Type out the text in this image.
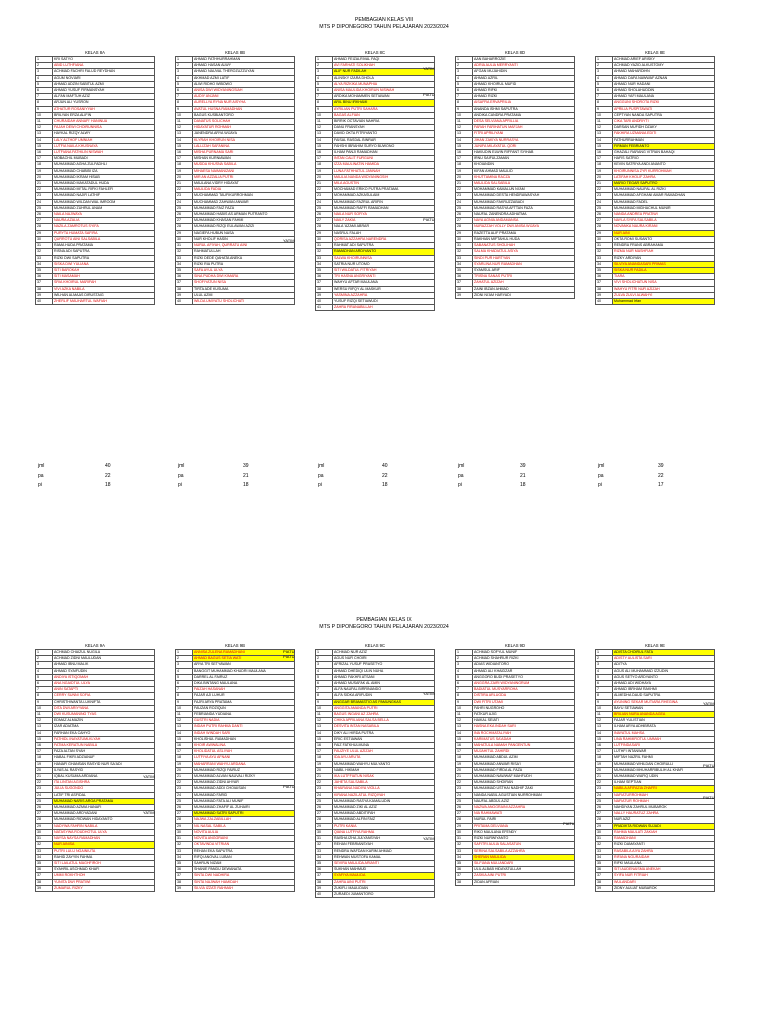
PEMBAGIAN KELAS VIII
MTS P DIPONEGORO TAHUN PELAJARAN 2023/2024
KELAS 8A
1	KRI SATYO
2	ABID LUTHFIANA
3	ACHMAD FACHRI FALUD REYDHAN
4	AGUM NOVIARI
5	AHMAD ADZIN SABITUL AZMI
6	AHMAD YUSUF FIRMANSYAH
7	ALFAN MAFTUH AZIZ
8	ARJUN ALI YUSRON
9	ATHATUR ROSANIYYAH
10	BRILYAN ERZA ALIFIN
11	CHURAIDAH ANNAFI' HANINUA
12	FAJAH DEWI CHOIRUNNISA
13	HAYKAL RIZQY ALWY
14	LALY ALTHOF UMNIAH
15	LUTFIA NAILA KHUSNAYA
16	LUTFIANA FATHILIN NISWAH
17	MOBACHIL MUBADI
18	MUHAMMAD AGHA ZULFADHLI
19	MUHAMMAD CHABIBI IZA
20	MUHAMMAD IKRAM HISAB
21	MUHAMMAD MAKATADUL HUDA
22	MUHAMMAD MI'TAL RIFKI FAHLEFI
23	MUHAMMAD NAJIR LATHIF
24	MUHAMMAD WILDAN WAL IMROOM
25	MUHAMMAD ZUHRUL ANAM
26	NAILA NAJWAYA
27	NAURA AZALIA
28	NAZILA ZAMROTUS SYIFA
29	PURYTA HUMATA SAFIRA
30	QURROTU AINI SALSABILA
31	RAMA HUDA PRATAMA
32	RISNA ADI SAPUTRA
33	RIZKI DWI SAPUTRA
34	SISKA DWI YULIANA
35	SITI BAROKAH
36	SITI MASAMAH
37	SRIA KHOIRUL MARIFAH
38	VIVI AZKA NABILA
39	WILHAN ALMAAS DIRUSTAIG
40	ZHERLIF MAUHARTUL WAFIAH
KELAS 8B
YATIM
1	AHMAD FATHHURRAHMAN
2	AHMAD HASAN ALWY
3	AHMAD NAUVAL THEROZUZZUYAN
4	AKHMAD AZMI LATIF
5	ALWI RIDHO WIBOWO
6	ANISA DWI WIDYANINGSIAH
7	AUDIY ANJANI
8	AURELLYA RYNA NUR AISYHA
9	AVATUL HUSNA RAMADHAN
10	BAGUS KUSBIANTORO
11	DANATUS SOLICHAH
12	HIDAYATUR ROHMAH
13	JANENDRA ARYA WIJAYA
14	KLYRAH KHOIRUN NISA
15	LALLIZAH SAFANINA
16	MISHA PURNAMA SARI
17	MISHAN KURNIAWAN
18	MUDDA KHUSNA SABILA
19	MIHAESA NAIMANIZANI
20	MIR AN AZZALIA PUTRI
21	MAULANA VIDRY HIDAYAT
22	MAULIDA FADIA
23	MUCHAMMAD TAUFIKURROHMAN
24	MUCHAMMAD ZAHWAN ANWAR
25	MUHAMMAD FAIZ FAZA
26	MUHAMMAD HABIS AS ARMAN PUTRANTO
27	MUHAMMAD KHASAN FAHMI
28	MUHAMMAD RIZQI EULAWAN AZIZI
29	NAGIEFA HUBUN NASA
30	NUR KHOLIF HASIN
31	NURUL AFIYAH, QURRATU AINI
32	RAHMATULLAH
33	RIZKI DEDE QAHATA ANEKA
34	RIZKI RIA PUTRA
35	SAFA AYUL ULYA
36	SINA PUDHA DWI KIMARA
37	SHOFIYATUN NISA
38	TIRTA ADE KUSUMA
39	ULUL AZMI
40	WILDA UMIYATU SHOLICHATI
KELAS 8C
YATIM
PIATU
PIATU
1	AHMAD FEIZALRIVAL FAQI
2	AVI FARHATI SOLIKHAH
3	ALIF NUR FADILAH
4	ALINSKY IZARA DHOLA
5	ALYA RIZKIKA MUNAPHIA
6	ANISA MAULIDA KHOIRUN NISWAH
7	ARDIKA MOHAMMEN SETIAWAN
8	ARIL BINU IRKHAMI
9	AYRILIAN PUTRI SAHARA
10	BAGAS ALFIAN
11	BIRRIK OCTAVIAN NAHRIA
12	DANU FRANSYAH
13	DAVID OKTA FITRIYANTO
14	FAISAL RASDAL BINRAR
15	FAHSHI IBRAHIM SURYO BUWONO
16	ILHAM PANJI RAMADHAN
17	INTAN CALIT FURGUNI
18	IZZA MAULINATIN HAMIDA
19	LUNA FATHHATUL JANNAH
20	MAULIA NANDA WIDYANINGSIH
21	MILA AGUSTIN
22	MOCHAMAD ERIKO PUTRA PRATAMA
23	MOHAMMAD AZKASULAIM
24	MUHAMMAD FAZRUL ARIFIN
25	MUHAMMAD RAFFI RAMADHAN
26	NAILA NUR SOFIYA
27	NAILY ZAKIA
28	NALA 'AZAMI ABRAR
29	NASRUL FALAH
30	QORISA AZZAHRA NARENDRA
31	RAHMAT ADI SAPUTRA
32	RAMADHAN ARDIYANTO
33	SALWA KHOIRUNNISA
34	SATRIA NUR UTOMO
35	SITI WILDATUL FITRIYAH
36	TRI HASNA ANGRIYANTI
37	WAHYU AFTAR MAULANA
38	WERSU RIFQY AL MASKUR
39	YASMINA AZZAHRA
40	YUSUF RIZQI SETIAWUDI
41	ZAHRA FIRANABILLAH
KELAS 8D
1	AAN BAHARROZIE
2	ADRIA AULIA MERRYANTI
3	AFGAN MUJAHIDIN
4	AHMAD AZRIL
5	AHMAD KHOIRUL MUFID
6	AHMAD RIFKI
7	AHMAD RIZKI
8	AISAFRA ERVAPRILIA
9	ANANDA ISHMI SAPUTRA
10	ANDIKA CANDRA PRATAMA
11	DESA SELVIANA APRILLIA
12	FARAH FARIHATUN MAFJAH
13	FITRI APRILIYANI
14	JIHAN ZAKIYA NURRASYA
15	JUNIFA MILAYATUL QORI
16	HAKIUDIN ELWIN RIFFANT SYIHAB
17	IRNU SAIFULZAMAN
18	KHOIANDIN
19	KIFAN AHMAD MAULID
20	KHUTTAMINA RACZA
21	MAULIDA SALSABILA
22	MOHAMMAD KAMALUN NI'AM
23	MUHAMMAD DESTA HENDRAWASYAH
24	MUHAMMAD FAKRUZZABADI
25	MUHAMMAD RASYA AFTTAN FAZA
26	NAUFAL ZANENDRA ADHATMA
27	NAYA AGNIA ANDAMANSA
28	NURAZZAH VOLLY DWI ANISA WIJAYA
29	RAZETTA ALIF PRATAMA
30	RAKHIAN MIFTAHUL HUDA
31	SABANATUS SHOLIHAH
32	SALMA KHADIATUL ASIYA
33	SINDI PUR HARTYAN
34	SYARLINA NUR RAMADHAN
35	SYAMSUL ARIF
36	TRISNA SANAS PUTRI
37	ZAHATUL AZIZAH
38	ZAINI IBZAN AHMAD
39	ZIDNI NI'AM HARYADI
KELAS 8E
1	ACHMAD ARIEF ARISKY
2	ACHMAD YAZID ALKUSTOMY
3	AHMAD MAHARDIHN
4	AHMAD DAFA NAWWAF AZNAN
5	AHMAD NUR HADANI
6	AHMAD SHOLAHUDDIN
7	AHMAD YAFI MAULANA
8	ANGGUNI SHOROTA RIZKI
9	APRILIA PUSPITAWATI
10	CEPTYAN NANDA SAPUTRA
11	CIKA TARI ANDRIYTI
12	DARSAN MUFIDH DZAKY
13	FAKHIRA UZMANIA EDITI
14	FATHURRAHMAN
15	FIRMAN FEBRIANTO
16	GHAZALI RARANG VITRAN BAHAQI
17	HAFIS SATRIO
18	KEVIN SATRIYA ANDI ANANTO
19	KHOIRUNNISA ZYR KURROHMAH
20	LATIFAH KHOLIF ZAHRA
21	MARIO TEGAR SAPUTRO
22	MUHAMMAD NAUFAL AL RIZKI
23	MUHAMMAD AFGHANI AMAR RAMADHAN
24	MUHAMMAD FADEL
25	MUHAMMAD MIDHACHUL MUNIR
26	NANDA ANDREA PRATIWI
27	NAYLA SYIFA SALSABILA
28	NOVANKA NAURA KIRANI
29	NUR AINI
30	OKTA ROMI SUSANTO
31	RENDRA FRANS ABRAHAMA
32	RIZMA NUR MASHFIAH
33	RIZKY ARDIYAN
34	SILVIYA ANANDASARI PRIMAS
35	SISKA NUR FADILA
36	TIARA
37	VIVI SHOLICHATUN NISA
38	WAHYU FITRI NUR AZIZAH
39	ZULVA ZULVI ALWAHYI
40	Muhammad Irfan
jml	40
pa	22
pi	18
jml	39
pa	21
pi	18
jml	40
pa	22
pi	18
jml	39
pa	21
pi	18
jml	39
pa	22
pi	17
PEMBAGIAN KELAS IX
MTS P DIPONEGORO TAHUN PELAJARAN 2023/2024
KELAS 9A
YATIM
YATIM
1	ACHMAD CHAIZUL NUGILA
2	ACHMAD ZIDNI MAULUDAN
3	AHMAD IBNU MALIK
4	AHMAD SYAIFUDIN
5	ANDIYA ISTIQOMAH
6	ANA NGAIDTUL ULYA
7	ANIN SATAPTI
8	CERRY SUNNI SOFIA
9	CHRISTHWANTA LUKNIFTA
10	DITA DWI ARIYYANA
11	DWI KUSUMANING TYAS
12	EDMAZ ALMAZIN
13	IZAR ADIATMA
14	FARHAN EKA CAHYO
15	FATHIDL INAYATUMLKLYAH
16	FATMA KERATUN NABILA
17	FAZA ALTAN SYAH
18	HABAL FIKRI ADZIANUF
19	HANAFI GHANSAN RASYID NUR SA'ADI
20	ILYAS AL RASYID
21	IQBAL KUSUMA ARDIANA
22	ITA LINTAN AGISHRA
23	JULIA SUGONDO
24	LATIF TRI ASFIDAL
25	MUHAMAD NARIS ARGA PRATAMA
26	MUHAMMAD AZMIA HANAFI
27	MUHAMMAD ARDYADANI
28	MUHAMMAD RIDWAN HIDAYANTO
29	NADYWA FAHRIN NABILA
30	NATASYWA ROUDHOTUL ULYA
31	NAYSA NAYSA RAMADHAN
32	NUR AINISA
33	PUTRI LULU NGAINIUTA
34	RAHID ZAYYIN FAHMA
35	SITI LAILATUL MAGHFIROH
36	SYAHRIL ASCHMAD KHAFI
37	UMMI ROKHTHOH
38	YUNITA DWI PRATIWI
39	ZUMARUL RIZKY
KELAS 9B
PIATU
PIATU
PIATU
1	ANNISA ZULENA RAMADHANI
2	AHMAD BAGUS SETIA WATI
3	ARYA TRI SETYAWAN
4	BANGGIT MUHAMMAD KHUDRI MAULANA
5	DARREL AL FAIRUZ
6	DIKA BINTANG MAULANA
7	FAIZAH HASANAH
8	FAJAR AJI LUHUR
9	FAJRI ARYA PRATAMA
10	FAUZAN ROZIQUN
11	FEBRIANDA YUDIANA
12	GUSTRI NADIA
13	INDAH PUTRI RAHMA DANTI
14	INDAH WINDAH SARI
15	KHOLISHUL RAMADHAN
16	KHOIR AWWALINA
17	KHOLIDATUL ASLIYAH
18	LUTFIYA AYU AFNANI
19	MAHARRANI WAHYU ARDANA
20	MUHAMMAD RIZQI FAIRUZ
21	MUHAMMAD ALVAN NAUVALI RIZKY
22	MUHAMMAD ZIDNI AHYAR
23	MUHAMMAD ADDI CHOIAISAN
24	MUHAMMAD FARID
25	MUHAMMAD FATA ALI MUNIF
26	MUHAMMAD ZHAFIF AL ZUHAIRI
27	MUHAMMAD SATRI SAPUTRI
28	NAJWA ZALZABILLAH
29	NIL NASAL SABILA
30	NOVITA AULIA
31	NOVITA ANGGRAINI
32	OKTAVINDA VITRIAN
33	REHAN EKA SAPUTRA
34	RIFQI ANOVAL LUBAN
35	SAHRUN NIZAM
36	SHANIE PANDU DEWANATA
37	SINTA DWI NADHIRA
38	SINTA NAJWAH HAMIDAH
39	SILVIA IZZATI RAHMAH
KELAS 9C
YATIM
YATIM
1	ACHMAD NUR AZIZ
2	AGUS NUR CHOIRI
3	AFRIZAL YUSUF PRASETYO
4	AHMAD DHEDIQI ULIN NUHA
5	AHMAD FAKHRI ATSANI
6	AHMAD MUSAFAK AL AMIN
7	ALFA NAUFAL BIRRINANDO
8	ALFA SIDKA ARIFUDIN
9	ANGGAR BRAMASTIO AS PAMUNGKAS
10	ANGGITA AMANDA PUTRI
11	BAGUS INGANI AZ ZAHRA
12	CHIKA APRILIANA SALSA BELLA
13	DESVITA INTAN NASABILA
14	DIKY ALI HIRDA PUTRA
15	ERIC ESTIAWAN
16	FAIZ FATKHULMUNA
17	FAUZIYE ULUL AZIZAH
18	IDA AYU ARUTA
19	MUHAMMAD WAHYU MULYANTO
20	NABIL HIKMAH
21	IKA LUTFFIATUN NISAK
22	JAHETA SALSABILA
23	KHAIRANA NADIYA VIOLLA
24	KIRANA NAZILATUL RIZQIYAH
25	MUHAMMAD RASYA KAMALUDIN
26	MUHAMMAD ZIKI AL AZIZ
27	MUHAMMAD ABDITIFAH
28	MUHAMMAD ALFIN FAIZ
29	PUTRI KANIA
30	QIANA LUTFIYA RAHMA
31	RAISHA IZHA JULYANSYAH
32	REHAN FEBRIANSYAH
33	RENDRA WAFDAN KARIM AHMAD
34	REHWAN MUSTOFA KAMAL
35	SEVIRA MAULIDA ARIANTI
36	SUKHAN MAHMUD
37	SYAFIYA MAULIDA
38	ZAHRA AINI PUTRI
39	ZUKIFLI MAULIDIAN
40	ZURAEDI JUMANTORO
KELAS 9D
PIATU
1	ACHMAD SOFYUL MUNIF
2	ACHMAD SHAHRUR RIZKI
3	ADIAS WIDIANTORO
4	AHMAD ALI KHAIDZAR
5	ANGGORO BUDI PRASETYO
6	ANGGRA ZAIRI WIDYANINGRUM
7	BADIATUL MUSYARROHA
8	DISTIRA ARLUGDA
9	DWI FITRI UTAMI
10	FAHRI NUGROHO
11	FATKUR AJIG
12	HAIKAL SEIATI
13	HASNA EKA INDAH SARI
14	INA ROCHMATALIYAH
15	KARIMATUS SA'ADAH
16	MAHATULA NAMAH PANGENTUN
17	MUJAHITUL ZAHIRDI
18	MUHAMMAD ABDUL AZIM
19	MUHAMMAD ANWAR RISA'I
20	MUHAMMAD FIRDA AL FAZA
21	MUHAMMAD NAWWAF MAHFUDH
22	MUHAMMAD SHOIRAN
23	MUHAMMAD USTHAI NADHIF ZAKI
24	NANDA NABIL AGUSTIAN NURROHMAN
25	NAUFAL ABDUL AZIZ
26	NAZWA ANGGRAINI AZZAHRA
27	NIA RAHMAWATI
28	NURUL FAIRI
29	PRITAMA DELVIANA
30	RIKO MAULANA EFENDY
31	RIZKI NURWIYANTO
32	SAFITRI AULIA SALASATUN
33	SERINA SALSABILA AZZAHRA
34	SHERAN MAULIDA
35	SILFIANA MULIANDARI
36	ULIL ALBAB HIDAYATULLAH
37	ZASKIA AINI PUTRI
38	ZIDAN AFRIAN
KELAS 9E
YATIM
PIATU
PIATU
1	ADISTA CHOIRUL FATA
2	ADISTY AULISTA SARI
3	ADITYA
4	AGUS ALI MUHAMMAD IZZUDIN
5	AGUS SETYO ARDYANTO
6	AHMAD ADI WIDHAYA
7	AHMAD IBRHAM RAKHMI
8	ALMEDHA DAUD SAPUTRA
9	AYUNING SEKAR MUTIARA RHEGINA
10	BAYU SETIAWAN
11	BRILIAN NURA ANANDA AGEA
12	FAJAR YULISTIAN
13	ILHAM ARYA ADHIBRATA
14	INAYATUL MAHSA
15	LINA RAHMIROTUL UMMAH
16	LUTFINDASARI
17	LUTHFI INTANWAR
18	MIFTAH NAZRIL FAHMI
19	MUHAMMAD WHILDAN CHOIRULLI
20	MUHAMMAD MHUHARRIBULIH AL KHAFI
21	MUHAMMAD WAFIQ UDIN
22	ILHAM SEPTIAN
23	NABILA AFIFAZIA ZHAFRI
24	NAFIATURROHMAH
25	NAFIATUR ROHMAH
26	NAHDIYAN ZAHRUL MUBAROK
27	NALLY HAURATUZ ZAHRA
28	NUR AZIZ
29	PRADIKTA RIDWAN SUJADI
30	RAHMA MAULATI ZAKIAH
31	RAMADHANI
32	RIZKI DAMAYANTI
33	RASABILA AIYA ZAHRA
34	RIFANA NGURAIDAH
35	RIFKI MAULANA
36	SITI AUDENAISMA ANEKAH
37	SYIFA NUR FITRIAH
38	WULANDARI
39	ZIDNY AULIAT MUBAROK
